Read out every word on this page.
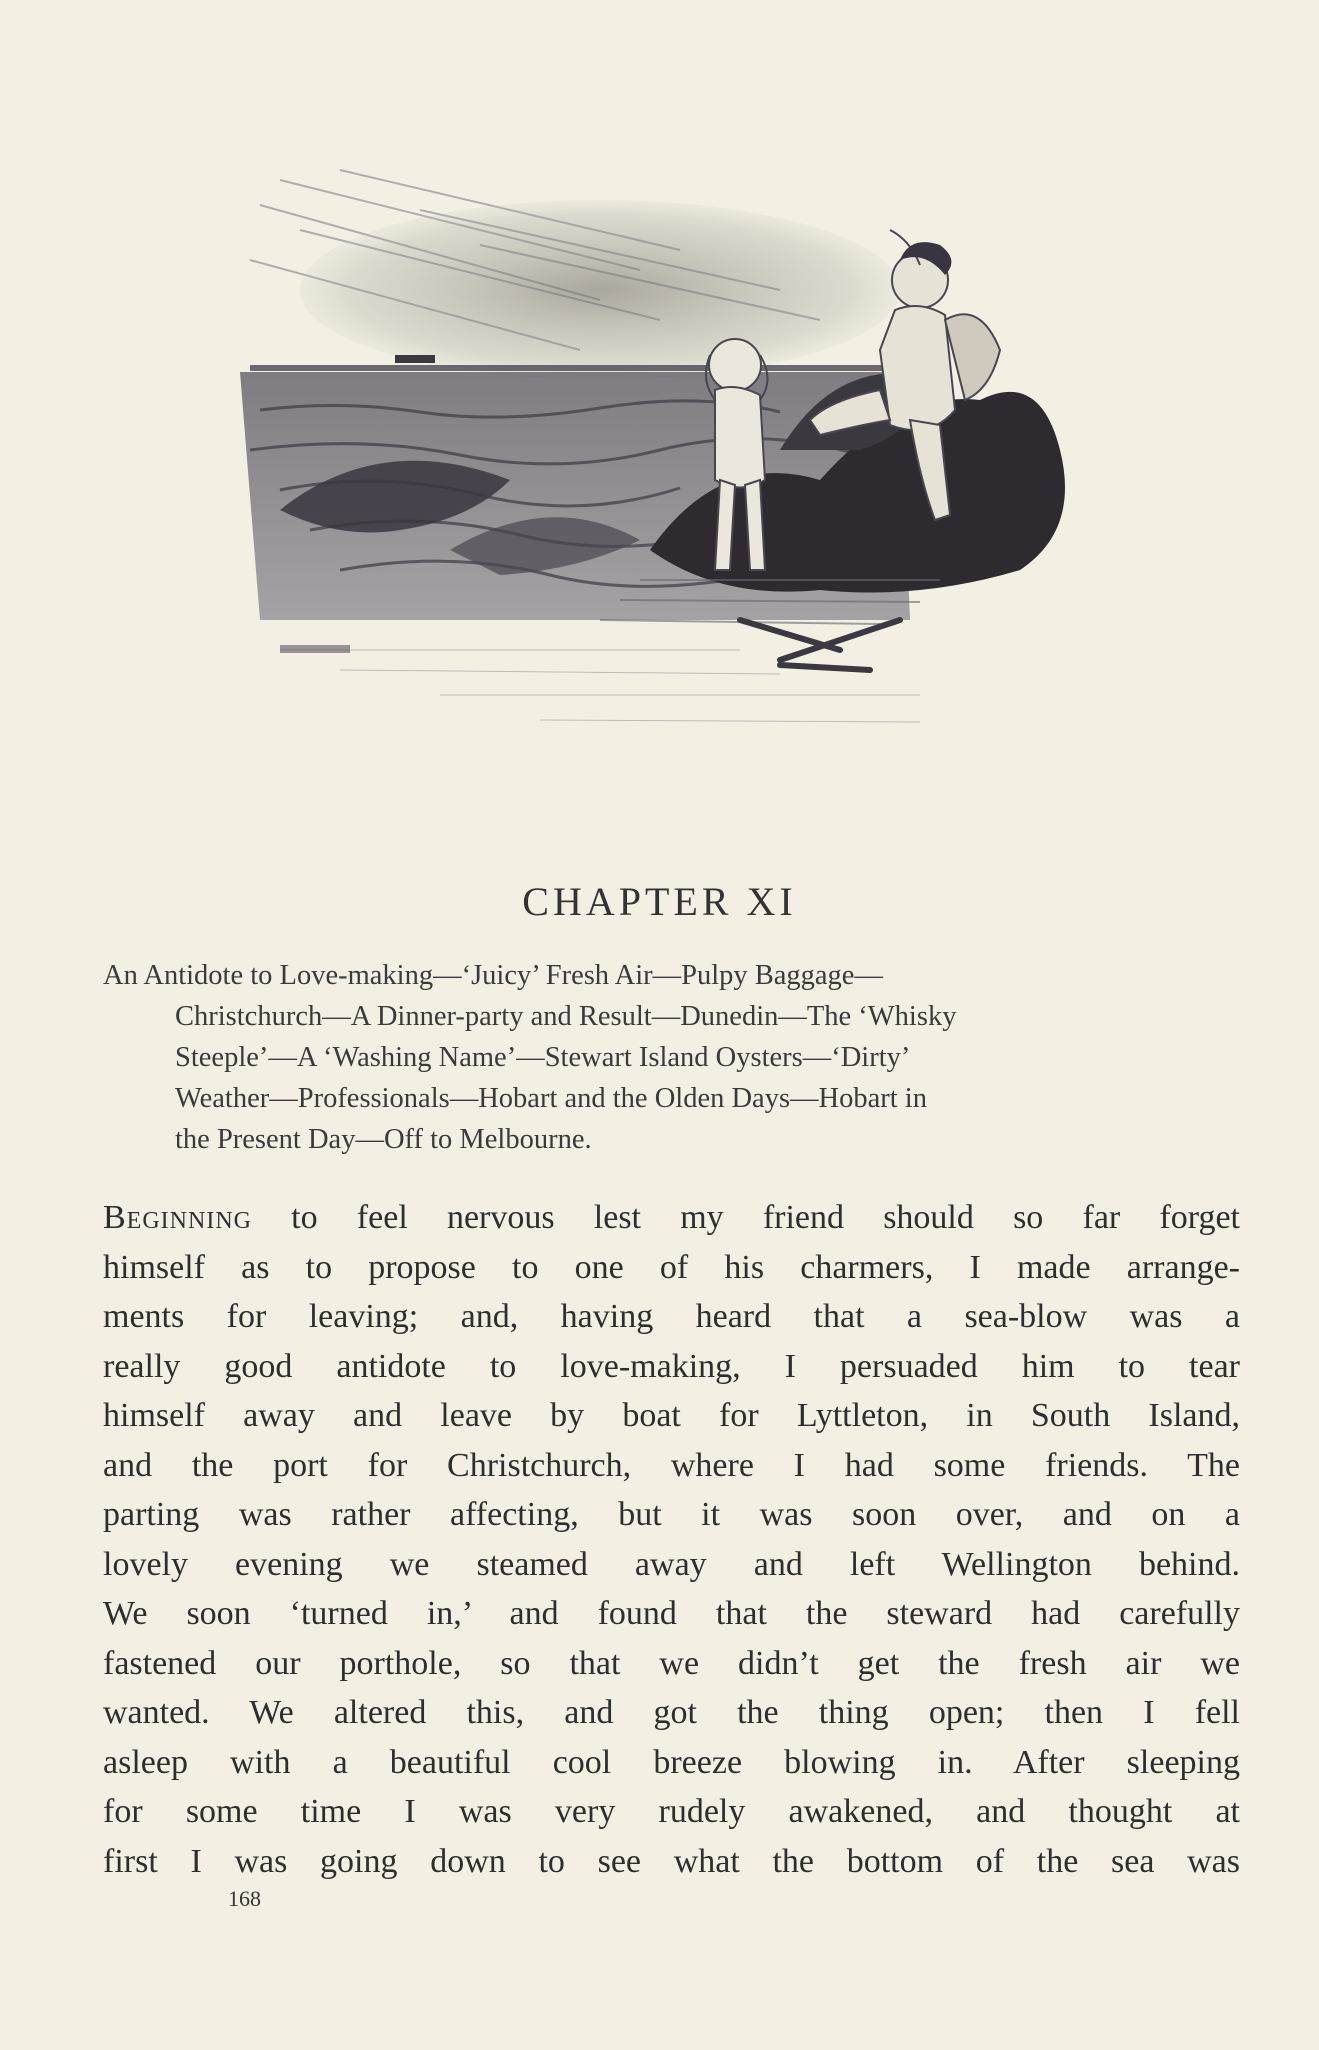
CHAPTER XI
An Antidote to Love-making—‘Juicy’ Fresh Air—Pulpy Baggage—
Christchurch—A Dinner-party and Result—Dunedin—The ‘Whisky
Steeple’—A ‘Washing Name’—Stewart Island Oysters—‘Dirty’
Weather—Professionals—Hobart and the Olden Days—Hobart in
the Present Day—Off to Melbourne.
Beginning to feel nervous lest my friend should so far forget
himself as to propose to one of his charmers, I made arrange-
ments for leaving; and, having heard that a sea-blow was a
really good antidote to love-making, I persuaded him to tear
himself away and leave by boat for Lyttleton, in South Island,
and the port for Christchurch, where I had some friends. The
parting was rather affecting, but it was soon over, and on a
lovely evening we steamed away and left Wellington behind.
We soon ‘turned in,’ and found that the steward had carefully
fastened our porthole, so that we didn’t get the fresh air we
wanted. We altered this, and got the thing open; then I fell
asleep with a beautiful cool breeze blowing in. After sleeping
for some time I was very rudely awakened, and thought at
first I was going down to see what the bottom of the sea was
168
